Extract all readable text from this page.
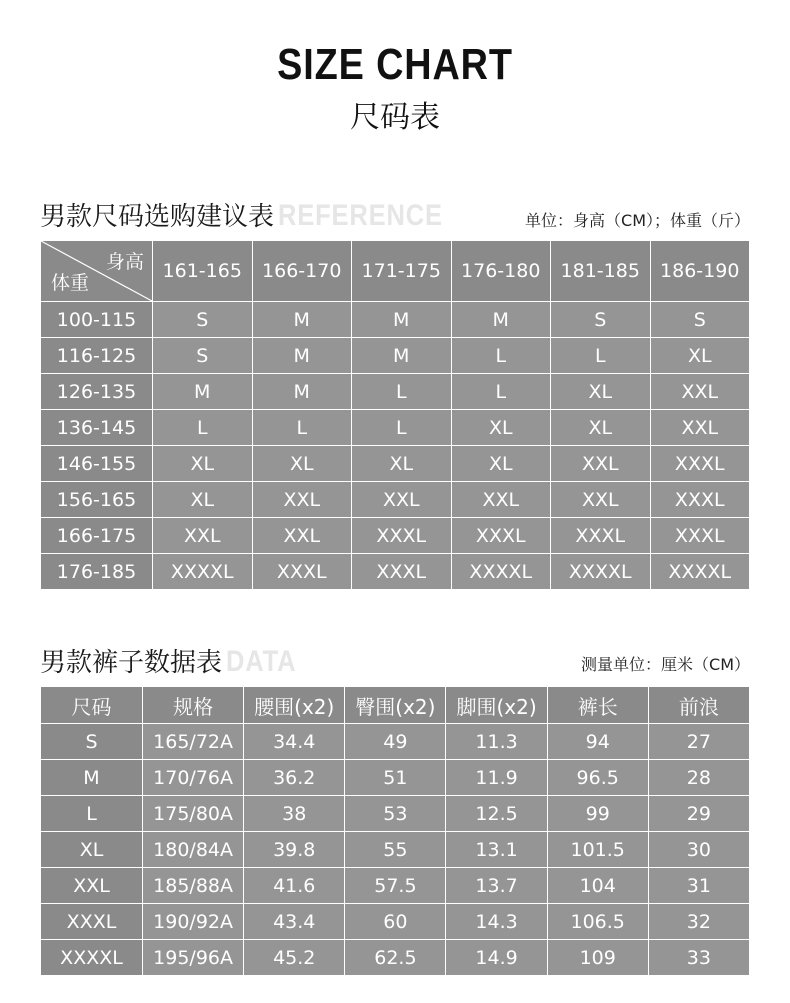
SIZE CHART
尺码表
男款尺码选购建议表 REFERENCE	单位：身高（CM）；体重（斤）
身高
体重	161-165	166-170	171-175	176-180	181-185	186-190
100-115	S	M	M	M	S	S
116-125	S	M	M	L	L	XL
126-135	M	M	L	L	XL	XXL
136-145	L	L	L	XL	XL	XXL
146-155	XL	XL	XL	XL	XXL	XXXL
156-165	XL	XXL	XXL	XXL	XXL	XXXL
166-175	XXL	XXL	XXXL	XXXL	XXXL	XXXL
176-185	XXXXL	XXXL	XXXL	XXXXL	XXXXL	XXXXL
男款裤子数据表 DATA	测量单位：厘米（CM）
尺码	规格	腰围(x2)	臀围(x2)	脚围(x2)	裤长	前浪
S	165/72A	34.4	49	11.3	94	27
M	170/76A	36.2	51	11.9	96.5	28
L	175/80A	38	53	12.5	99	29
XL	180/84A	39.8	55	13.1	101.5	30
XXL	185/88A	41.6	57.5	13.7	104	31
XXXL	190/92A	43.4	60	14.3	106.5	32
XXXXL	195/96A	45.2	62.5	14.9	109	33
